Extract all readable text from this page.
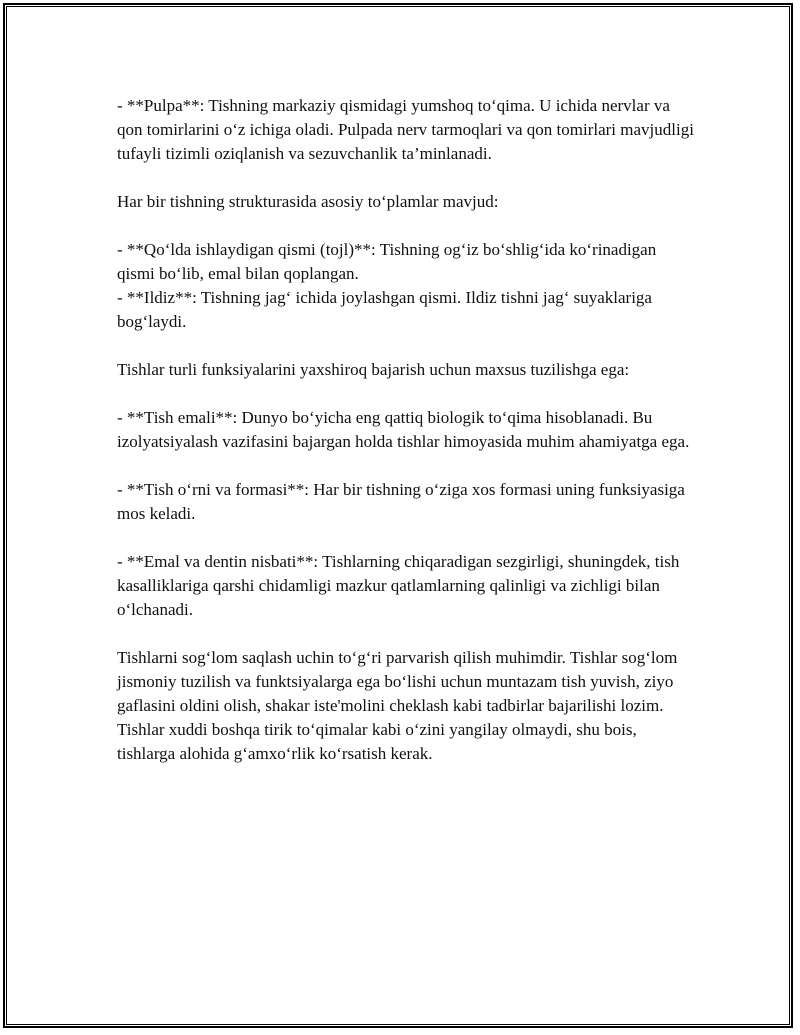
- **Pulpa**: Tishning markaziy qismidagi yumshoq to‘qima. U ichida nervlar va qon tomirlarini o‘z ichiga oladi. Pulpada nerv tarmoqlari va qon tomirlari mavjudligi tufayli tizimli oziqlanish va sezuvchanlik ta’minlanadi.

Har bir tishning strukturasida asosiy to‘plamlar mavjud:

- **Qo‘lda ishlaydigan qismi (tojl)**: Tishning og‘iz bo‘shlig‘ida ko‘rinadigan qismi bo‘lib, emal bilan qoplangan.

- **Ildiz**: Tishning jag‘ ichida joylashgan qismi. Ildiz tishni jag‘ suyaklariga bog‘laydi.

Tishlar turli funksiyalarini yaxshiroq bajarish uchun maxsus tuzilishga ega:

- **Tish emali**: Dunyo bo‘yicha eng qattiq biologik to‘qima hisoblanadi. Bu izolyatsiyalash vazifasini bajargan holda tishlar himoyasida muhim ahamiyatga ega.

- **Tish o‘rni va formasi**: Har bir tishning o‘ziga xos formasi uning funksiyasiga mos keladi.

- **Emal va dentin nisbati**: Tishlarning chiqaradigan sezgirligi, shuningdek, tish kasalliklariga qarshi chidamligi mazkur qatlamlarning qalinligi va zichligi bilan o‘lchanadi.

Tishlarni sog‘lom saqlash uchin to‘g‘ri parvarish qilish muhimdir. Tishlar sog‘lom jismoniy tuzilish va funktsiyalarga ega bo‘lishi uchun muntazam tish yuvish, ziyo gaflasini oldini olish, shakar iste'molini cheklash kabi tadbirlar bajarilishi lozim. Tishlar xuddi boshqa tirik to‘qimalar kabi o‘zini yangilay olmaydi, shu bois, tishlarga alohida g‘amxo‘rlik ko‘rsatish kerak.
